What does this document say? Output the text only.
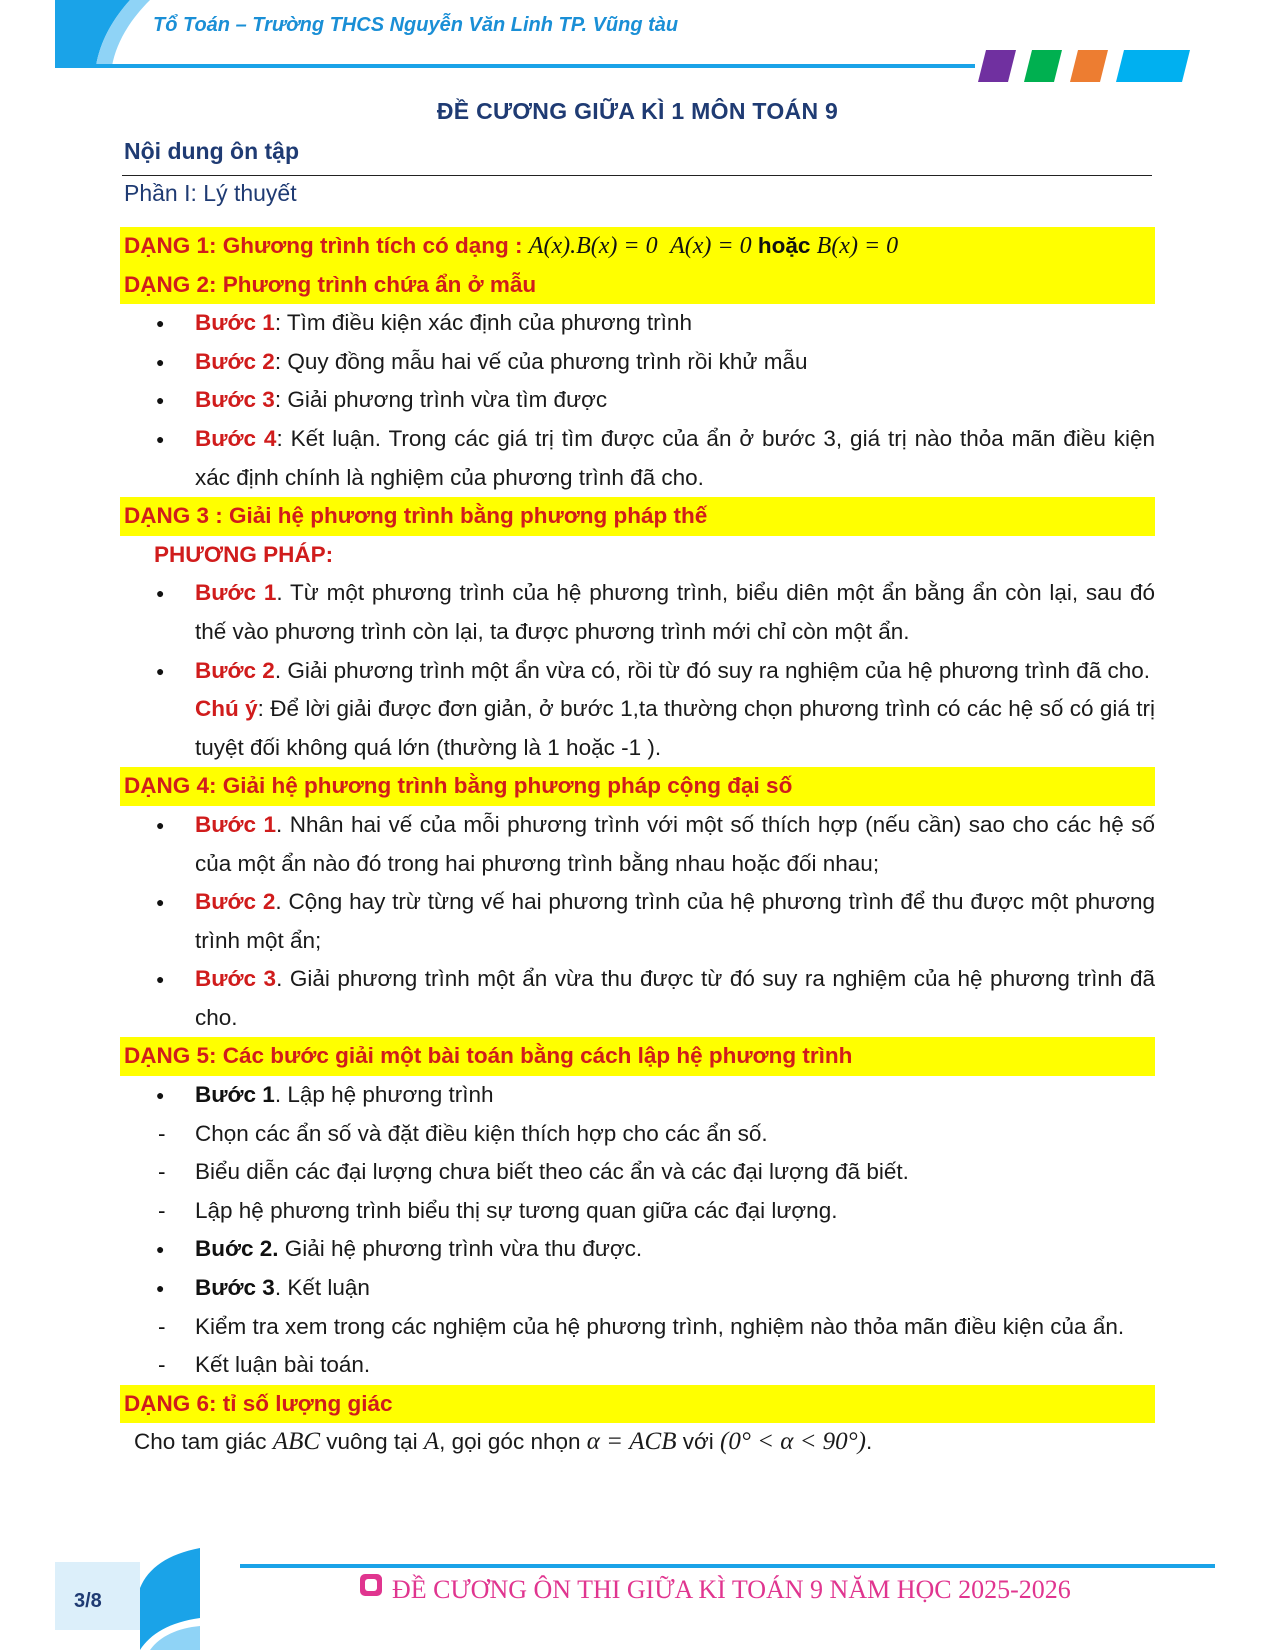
Tổ Toán – Trường THCS Nguyễn Văn Linh TP. Vũng tàu
ĐỀ CƯƠNG GIỮA KÌ 1 MÔN TOÁN 9
Nội dung ôn tập
Phần I: Lý thuyết
DẠNG 1: Ghương trình tích có dạng : A(x).B(x) = 0 A(x) = 0 hoặc B(x) = 0
DẠNG 2: Phương trình chứa ẩn ở mẫu
● Bước 1: Tìm điều kiện xác định của phương trình
● Bước 2: Quy đồng mẫu hai vế của phương trình rồi khử mẫu
● Bước 3: Giải phương trình vừa tìm được
● Bước 4: Kết luận. Trong các giá trị tìm được của ẩn ở bước 3, giá trị nào thỏa mãn điều kiện xác định chính là nghiệm của phương trình đã cho.
DẠNG 3 : Giải hệ phương trình bằng phương pháp thế
PHƯƠNG PHÁP:
● Bước 1. Từ một phương trình của hệ phương trình, biểu diên một ẩn bằng ẩn còn lại, sau đó thế vào phương trình còn lại, ta được phương trình mới chỉ còn một ẩn.
● Bước 2. Giải phương trình một ẩn vừa có, rồi từ đó suy ra nghiệm của hệ phương trình đã cho.
Chú ý: Để lời giải được đơn giản, ở bước 1,ta thường chọn phương trình có các hệ số có giá trị tuyệt đối không quá lớn (thường là 1 hoặc -1 ).
DẠNG 4: Giải hệ phương trình bằng phương pháp cộng đại số
● Bước 1. Nhân hai vế của mỗi phương trình với một số thích hợp (nếu cần) sao cho các hệ số của một ẩn nào đó trong hai phương trình bằng nhau hoặc đối nhau;
● Bước 2. Cộng hay trừ từng vế hai phương trình của hệ phương trình để thu được một phương trình một ẩn;
● Bước 3. Giải phương trình một ẩn vừa thu được từ đó suy ra nghiệm của hệ phương trình đã cho.
DẠNG 5: Các bước giải một bài toán bằng cách lập hệ phương trình
● Bước 1. Lập hệ phương trình
- Chọn các ẩn số và đặt điều kiện thích hợp cho các ẩn số.
- Biểu diễn các đại lượng chưa biết theo các ẩn và các đại lượng đã biết.
- Lập hệ phương trình biểu thị sự tương quan giữa các đại lượng.
● Buớc 2. Giải hệ phương trình vừa thu được.
● Bước 3. Kết luận
- Kiểm tra xem trong các nghiệm của hệ phương trình, nghiệm nào thỏa mãn điều kiện của ẩn.
- Kết luận bài toán.
DẠNG 6: tỉ số lượng giác
Cho tam giác ABC vuông tại A, gọi góc nhọn α = ACB với (0° < α < 90°).
3/8	ĐỀ CƯƠNG ÔN THI GIỮA KÌ TOÁN 9 NĂM HỌC 2025-2026
